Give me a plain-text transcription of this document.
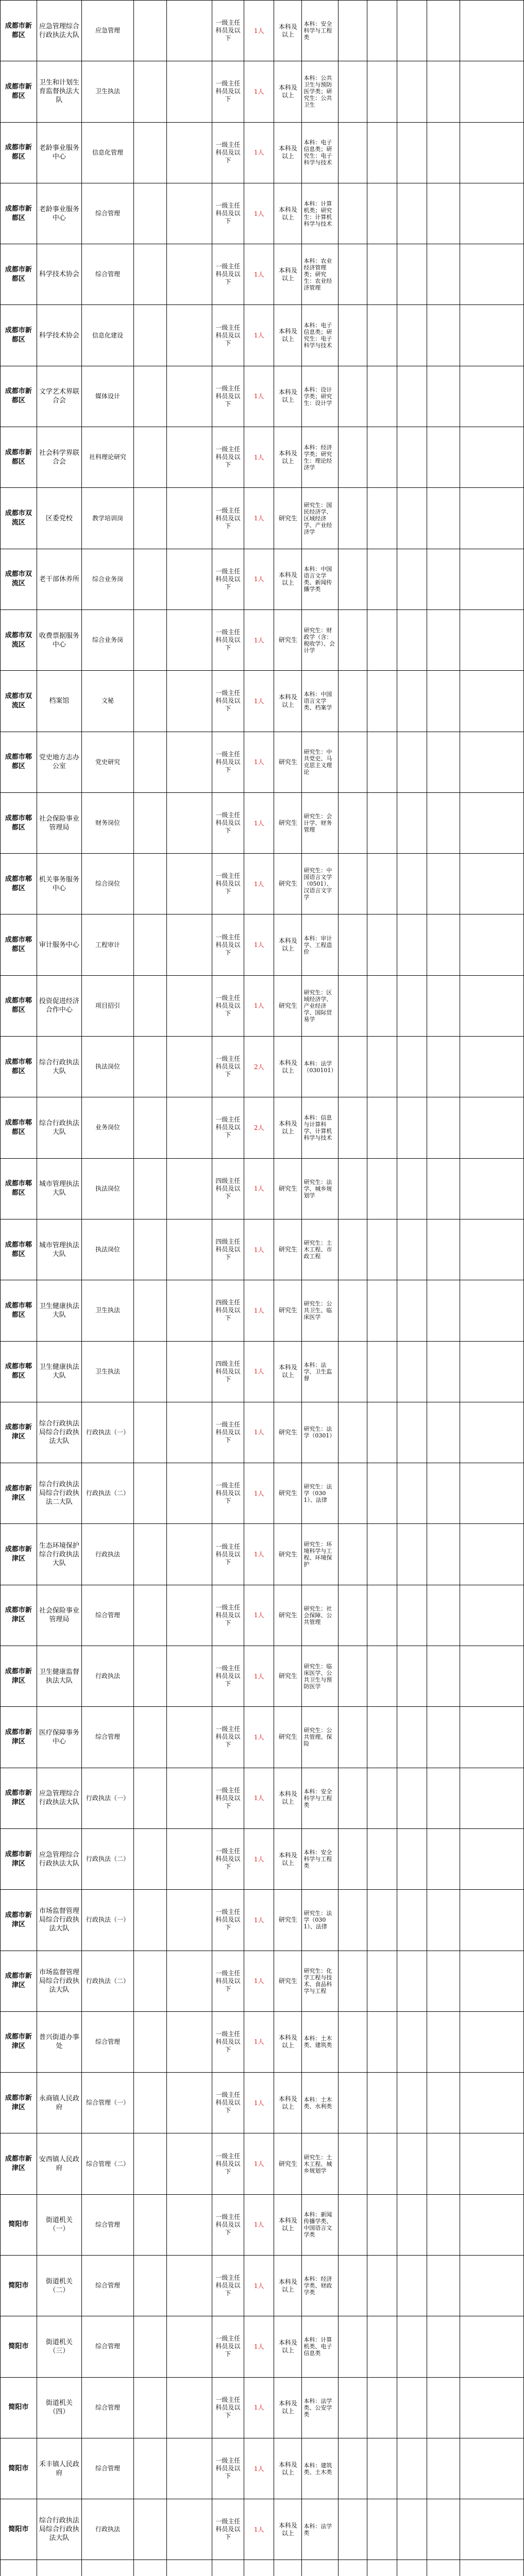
成都市新都区	应急管理综合行政执法大队	应急管理			一级主任科员及以下	1人	本科及以上	本科：安全科学与工程类					
成都市新都区	卫生和计划生育监督执法大队	卫生执法			一级主任科员及以下	1人	本科及以上	本科：公共卫生与预防医学类；研究生：公共卫生					
成都市新都区	老龄事业服务中心	信息化管理			一级主任科员及以下	1人	本科及以上	本科：电子信息类；研究生：电子科学与技术					
成都市新都区	老龄事业服务中心	综合管理			一级主任科员及以下	1人	本科及以上	本科：计算机类；研究生：计算机科学与技术					
成都市新都区	科学技术协会	综合管理			一级主任科员及以下	1人	本科及以上	本科：农业经济管理类；研究生：农业经济管理					
成都市新都区	科学技术协会	信息化建设			一级主任科员及以下	1人	本科及以上	本科：电子信息类；研究生：电子科学与技术					
成都市新都区	文学艺术界联合会	媒体设计			一级主任科员及以下	1人	本科及以上	本科：设计学类；研究生：设计学					
成都市新都区	社会科学界联合会	社科理论研究			一级主任科员及以下	1人	本科及以上	本科：经济学类；研究生：理论经济学					
成都市双流区	区委党校	教学培训岗			一级主任科员及以下	1人	研究生	研究生：国民经济学、区域经济学、产业经济学					
成都市双流区	老干部休养所	综合业务岗			一级主任科员及以下	1人	本科及以上	本科：中国语言文学类、新闻传播学类					
成都市双流区	收费票据服务中心	综合业务岗			一级主任科员及以下	1人	研究生	研究生：财政学（含：税收学）、会计学					
成都市双流区	档案馆	文秘			一级主任科员及以下	1人	本科及以上	本科：中国语言文学类、档案学					
成都市郫都区	党史地方志办公室	党史研究			一级主任科员及以下	1人	研究生	研究生：中共党史、马克思主义理论					
成都市郫都区	社会保险事业管理局	财务岗位			一级主任科员及以下	1人	研究生	研究生：会计学、财务管理					
成都市郫都区	机关事务服务中心	综合岗位			一级主任科员及以下	1人	研究生	研究生：中国语言文学（0501）、汉语言文字学					
成都市郫都区	审计服务中心	工程审计			一级主任科员及以下	1人	本科及以上	本科：审计学、工程造价					
成都市郫都区	投资促进经济合作中心	项目招引			一级主任科员及以下	1人	研究生	研究生：区域经济学、产业经济学、国际贸易学					
成都市郫都区	综合行政执法大队	执法岗位			一级主任科员及以下	2人	本科及以上	本科：法学（030101）					
成都市郫都区	综合行政执法大队	业务岗位			一级主任科员及以下	2人	本科及以上	本科：信息与计算科学、计算机科学与技术					
成都市郫都区	城市管理执法大队	执法岗位			四级主任科员及以下	1人	研究生	研究生：法学、城乡规划学					
成都市郫都区	城市管理执法大队	执法岗位			四级主任科员及以下	1人	研究生	研究生：土木工程、市政工程					
成都市郫都区	卫生健康执法大队	卫生执法			四级主任科员及以下	1人	研究生	研究生：公共卫生、临床医学					
成都市郫都区	卫生健康执法大队	卫生执法			四级主任科员及以下	1人	本科及以上	本科：法学、卫生监督					
成都市新津区	综合行政执法局综合行政执法大队	行政执法（一）			一级主任科员及以下	1人	研究生	研究生：法学（0301）					
成都市新津区	综合行政执法局综合行政执法二大队	行政执法（二）			一级主任科员及以下	1人	研究生	研究生：法学（0301）、法律					
成都市新津区	生态环境保护综合行政执法大队	行政执法			一级主任科员及以下	1人	研究生	研究生：环境科学与工程、环境保护					
成都市新津区	社会保险事业管理局	综合管理			一级主任科员及以下	1人	研究生	研究生：社会保障、公共管理					
成都市新津区	卫生健康监督执法大队	行政执法			一级主任科员及以下	1人	研究生	研究生：临床医学、公共卫生与预防医学					
成都市新津区	医疗保障事务中心	综合管理			一级主任科员及以下	1人	研究生	研究生：公共管理、保险					
成都市新津区	应急管理综合行政执法大队	行政执法（一）			一级主任科员及以下	1人	本科及以上	本科：安全科学与工程类					
成都市新津区	应急管理综合行政执法大队	行政执法（二）			一级主任科员及以下	1人	本科及以上	本科：安全科学与工程类					
成都市新津区	市场监督管理局综合行政执法大队	行政执法（一）			一级主任科员及以下	1人	研究生	研究生：法学（0301）、法律					
成都市新津区	市场监督管理局综合行政执法大队	行政执法（二）			一级主任科员及以下	1人	研究生	研究生：化学工程与技术、食品科学与工程					
成都市新津区	普兴街道办事处	综合管理			一级主任科员及以下	1人	本科及以上	本科：土木类、建筑类					
成都市新津区	永商镇人民政府	综合管理（一）			一级主任科员及以下	1人	本科及以上	本科：土木类、水利类					
成都市新津区	安西镇人民政府	综合管理（二）			一级主任科员及以下	1人	研究生	研究生：土木工程、城乡规划学					
简阳市	街道机关（一）	综合管理			一级主任科员及以下	1人	本科及以上	本科：新闻传播学类、中国语言文学类					
简阳市	街道机关（二）	综合管理			一级主任科员及以下	1人	本科及以上	本科：经济学类、财政学类					
简阳市	街道机关（三）	综合管理			一级主任科员及以下	1人	本科及以上	本科：计算机类、电子信息类					
简阳市	街道机关（四）	综合管理			一级主任科员及以下	1人	本科及以上	本科：法学类、公安学类					
简阳市	禾丰镇人民政府	综合管理			一级主任科员及以下	1人	本科及以上	本科：建筑类、土木类					
简阳市	综合行政执法局综合行政执法大队	行政执法			一级主任科员及以下	1人	本科及以上	本科：法学类					
